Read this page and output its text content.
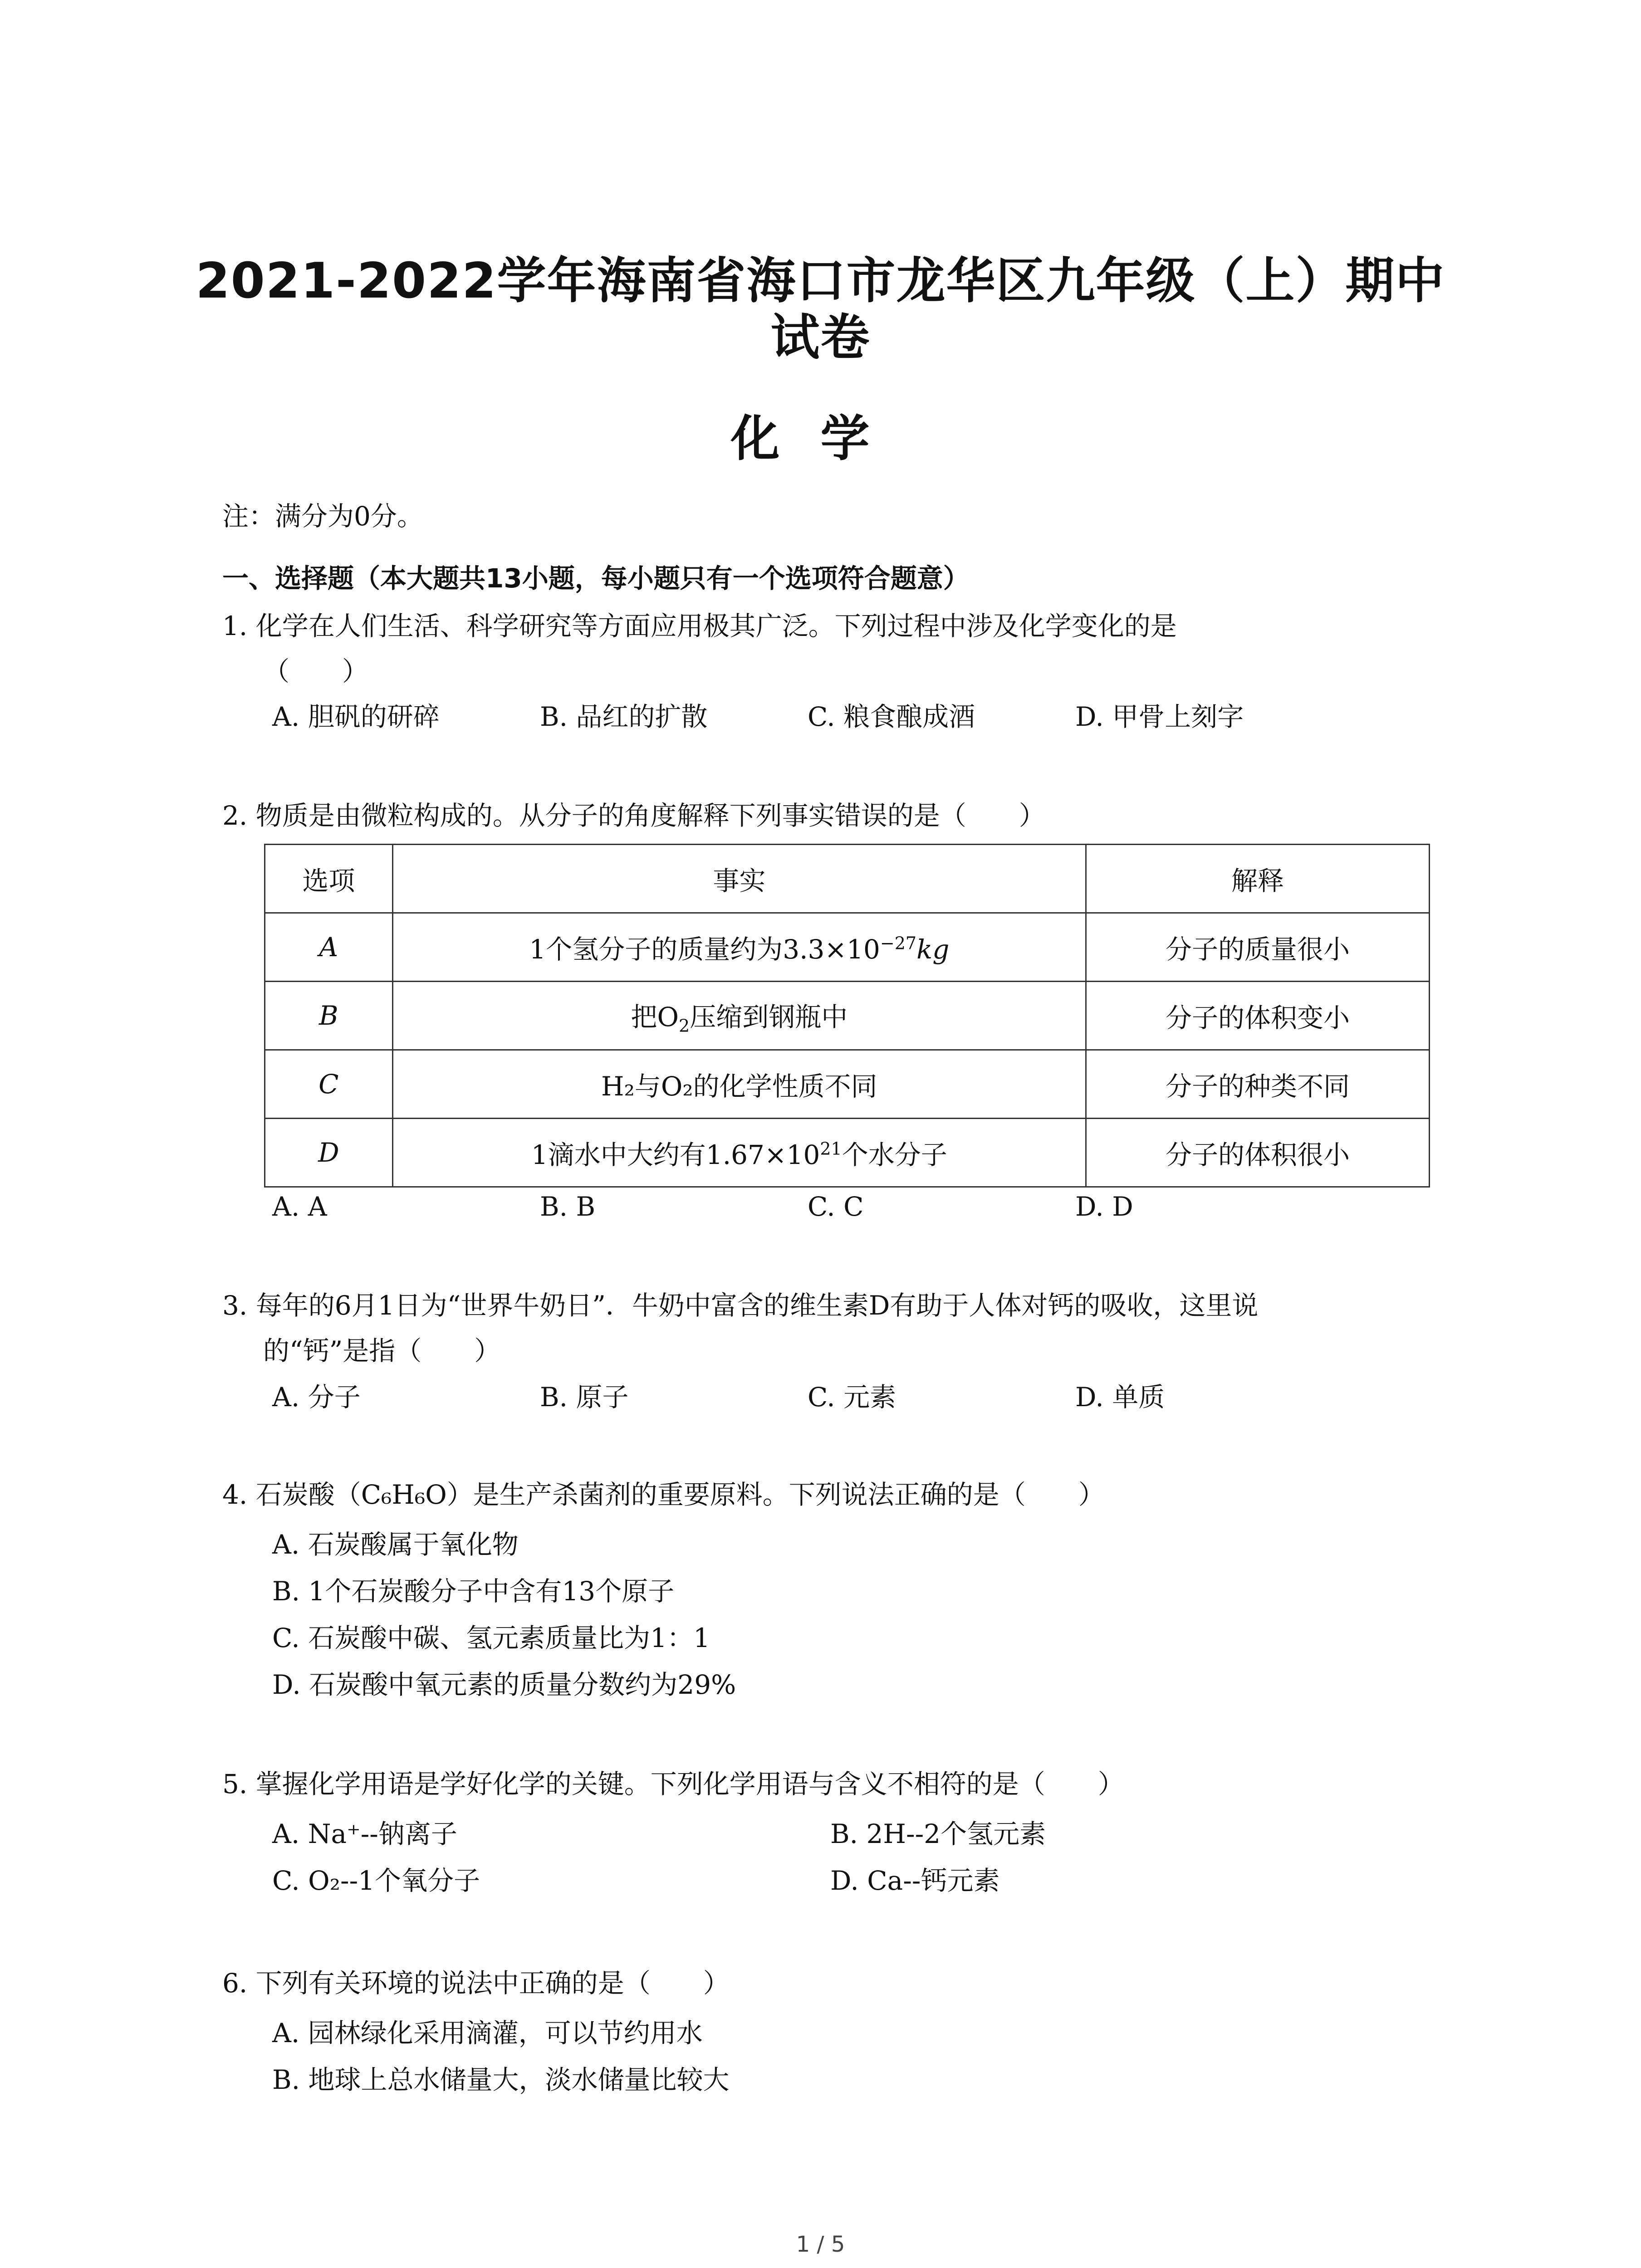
2021-2022学年海南省海口市龙华区九年级（上）期中
试卷
化学
注：满分为0分。
一、选择题（本大题共13小题，每小题只有一个选项符合题意）
1. 化学在人们生活、科学研究等方面应用极其广泛。下列过程中涉及化学变化的是
（　　）
A. 胆矾的研碎	B. 品红的扩散	C. 粮食酿成酒	D. 甲骨上刻字
2. 物质是由微粒构成的。从分子的角度解释下列事实错误的是（　　）
选项	事实	解释
A	1个氢分子的质量约为$3.3\times 10^{-27}kg$	分子的质量很小
B	把$O_2$压缩到钢瓶中	分子的体积变小
C	H₂与O₂的化学性质不同	分子的种类不同
D	1滴水中大约有$1.67\times 10^{21}$个水分子	分子的体积很小
A. A	B. B	C. C	D. D
3. 每年的6月1日为“世界牛奶日”．牛奶中富含的维生素D有助于人体对钙的吸收，这里说
的“钙”是指（　　）
A. 分子	B. 原子	C. 元素	D. 单质
4. 石炭酸（C₆H₆O）是生产杀菌剂的重要原料。下列说法正确的是（　　）
A. 石炭酸属于氧化物
B. 1个石炭酸分子中含有13个原子
C. 石炭酸中碳、氢元素质量比为1：1
D. 石炭酸中氧元素的质量分数约为29%
5. 掌握化学用语是学好化学的关键。下列化学用语与含义不相符的是（　　）
A. Na⁺--钠离子	B. 2H--2个氢元素
C. O₂--1个氧分子	D. Ca--钙元素
6. 下列有关环境的说法中正确的是（　　）
A. 园林绿化采用滴灌，可以节约用水
B. 地球上总水储量大，淡水储量比较大
1 / 5
